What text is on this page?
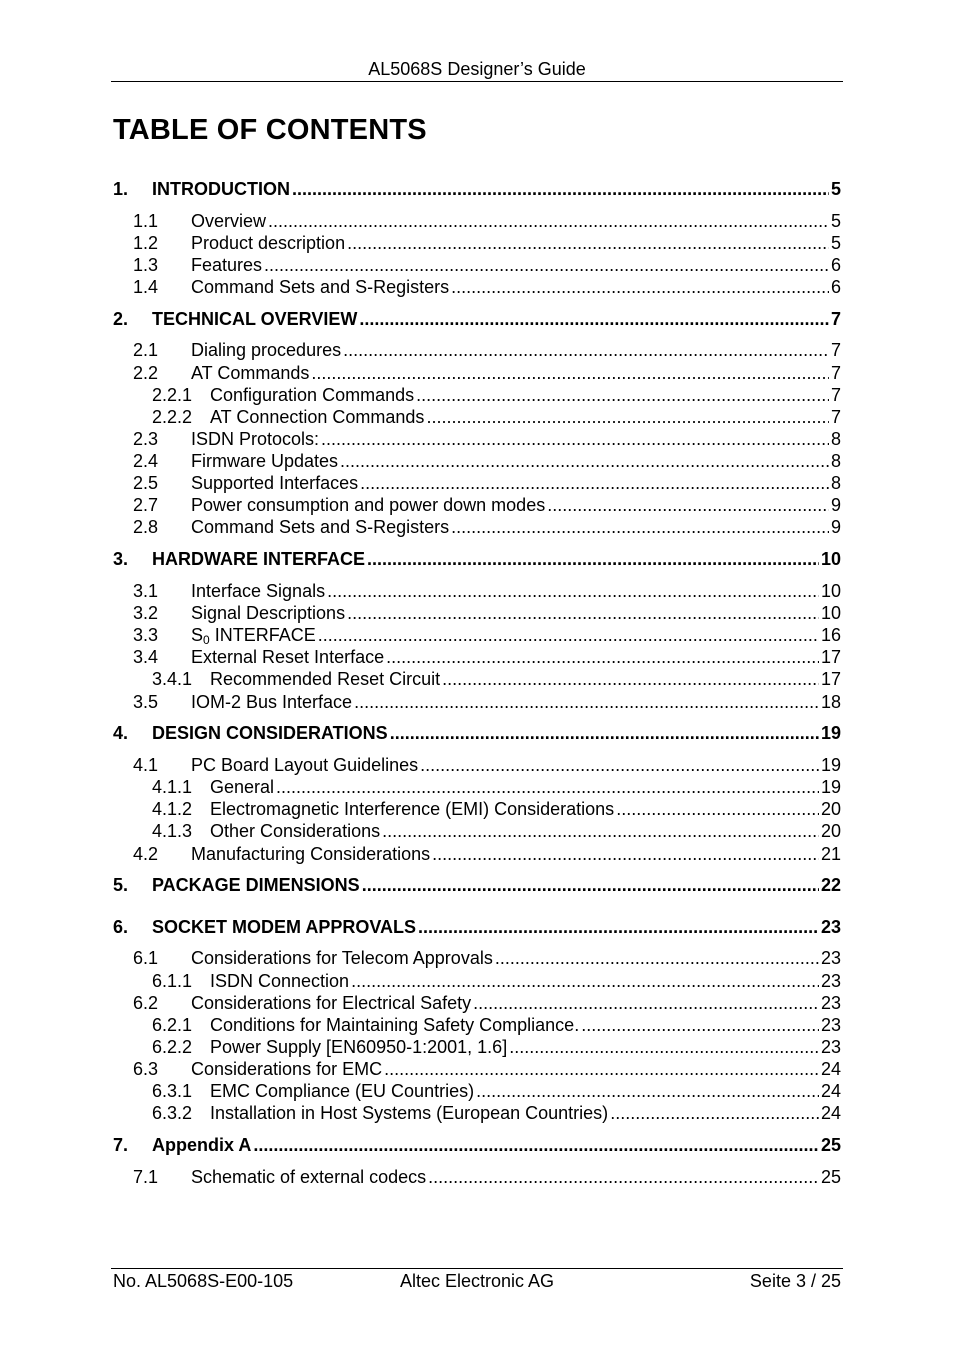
AL5068S Designer’s Guide
TABLE OF CONTENTS
1.	INTRODUCTION .....	5
1.1	Overview .....	5
1.2	Product description .....	5
1.3	Features .....	6
1.4	Command Sets and S-Registers .....	6
2.	TECHNICAL OVERVIEW .....	7
2.1	Dialing procedures .....	7
2.2	AT Commands .....	7
2.2.1 Configuration Commands .....	7
2.2.2 AT Connection Commands .....	7
2.3	ISDN Protocols: .....	8
2.4	Firmware Updates .....	8
2.5	Supported Interfaces .....	8
2.7	Power consumption and power down modes .....	9
2.8	Command Sets and S-Registers .....	9
3.	HARDWARE INTERFACE .....	10
3.1	Interface Signals .....	10
3.2	Signal Descriptions .....	10
3.3	$S_0$ INTERFACE .....	16
3.4	External Reset Interface .....	17
3.4.1 Recommended Reset Circuit .....	17
3.5	IOM-2 Bus Interface .....	18
4.	DESIGN CONSIDERATIONS .....	19
4.1	PC Board Layout Guidelines .....	19
4.1.1 General .....	19
4.1.2 Electromagnetic Interference (EMI) Considerations .....	20
4.1.3 Other Considerations .....	20
4.2	Manufacturing Considerations .....	21
5.	PACKAGE DIMENSIONS .....	22
6.	SOCKET MODEM APPROVALS .....	23
6.1	Considerations for Telecom Approvals .....	23
6.1.1 ISDN Connection .....	23
6.2	Considerations for Electrical Safety .....	23
6.2.1 Conditions for Maintaining Safety Compliance. .....	23
6.2.2 Power Supply [EN60950-1:2001, 1.6] .....	23
6.3	Considerations for EMC .....	24
6.3.1 EMC Compliance (EU Countries) .....	24
6.3.2 Installation in Host Systems (European Countries) .....	24
7.	Appendix A .....	25
7.1	Schematic of external codecs .....	25
No. AL5068S-E00-105	Altec Electronic AG	Seite 3 / 25
